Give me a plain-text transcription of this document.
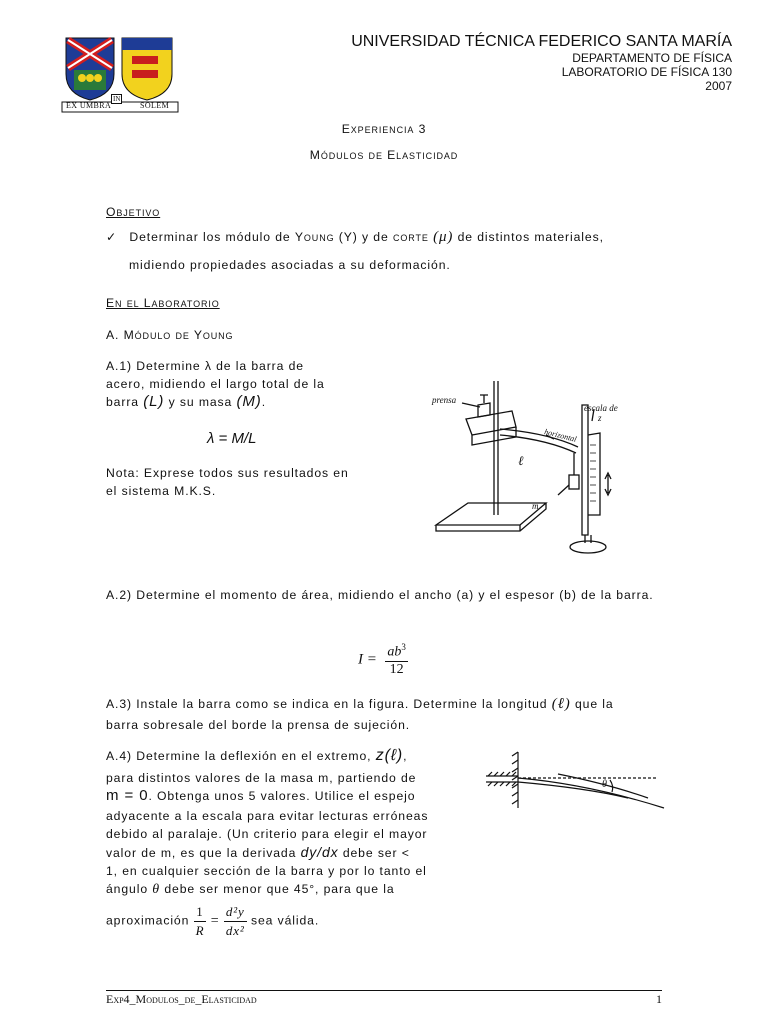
EX UMBRA
IN
SOLEM
UNIVERSIDAD TÉCNICA FEDERICO SANTA MARÍA
DEPARTAMENTO DE FÍSICA
LABORATORIO DE FÍSICA 130
2007
Experiencia 3
Módulos de Elasticidad
Objetivo
✓ Determinar los módulo de Young (Y) y de corte (μ) de distintos materiales,
midiendo propiedades asociadas a su deformación.
En el Laboratorio
A. Módulo de Young
A.1) Determine λ de la barra de
acero, midiendo el largo total de la
barra (L) y su masa (M).
λ = M/L
Nota: Exprese todos sus resultados en
el sistema M.K.S.
prensa
escala de
z
horizontal
ℓ
m
A.2) Determine el momento de área, midiendo el ancho (a) y el espesor (b) de la barra.
$I = \frac{ab^3}{12}$
A.3) Instale la barra como se indica en la figura. Determine la longitud (ℓ) que la
barra sobresale del borde la prensa de sujeción.
A.4) Determine la deflexión en el extremo, z(ℓ),
para distintos valores de la masa m, partiendo de
m = 0. Obtenga unos 5 valores. Utilice el espejo
adyacente a la escala para evitar lecturas erróneas
debido al paralaje. (Un criterio para elegir el mayor
valor de m, es que la derivada dy/dx debe ser <
1, en cualquier sección de la barra y por lo tanto el
ángulo θ debe ser menor que 45°, para que la
aproximación $\frac{1}{R} = \frac{\text{d²y}}{\text{dx²}}$ sea válida.
θ
Exp4_Modulos_de_Elasticidad	1
